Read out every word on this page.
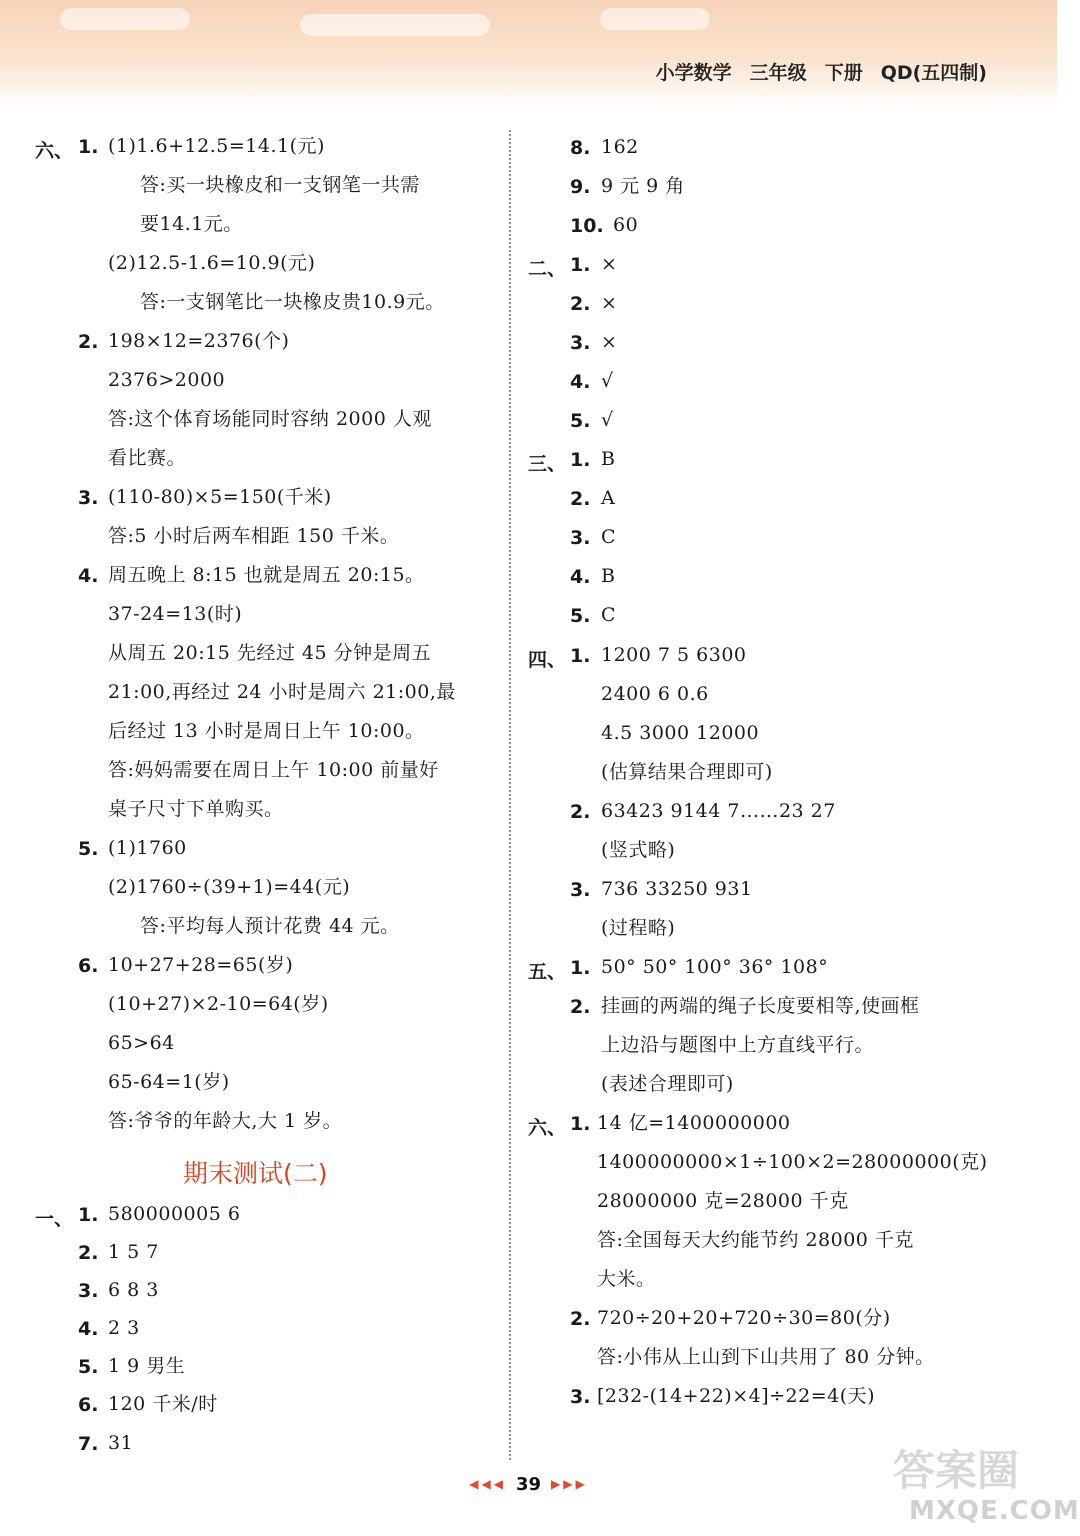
小学数学 三年级 下册 QD(五四制)
六、 1. (1)1.6+12.5=14.1(元)
答:买一块橡皮和一支钢笔一共需
要14.1元。
(2)12.5-1.6=10.9(元)
答:一支钢笔比一块橡皮贵10.9元。
2. 198×12=2376(个)
2376>2000
答:这个体育场能同时容纳 2000 人观
看比赛。
3. (110-80)×5=150(千米)
答:5 小时后两车相距 150 千米。
4. 周五晚上 8:15 也就是周五 20:15。
37-24=13(时)
从周五 20:15 先经过 45 分钟是周五
21:00,再经过 24 小时是周六 21:00,最
后经过 13 小时是周日上午 10:00。
答:妈妈需要在周日上午 10:00 前量好
桌子尺寸下单购买。
5. (1)1760
(2)1760÷(39+1)=44(元)
答:平均每人预计花费 44 元。
6. 10+27+28=65(岁)
(10+27)×2-10=64(岁)
65>64
65-64=1(岁)
答:爷爷的年龄大,大 1 岁。
期末测试(二)
一、 1. 580000005 6
2. 1 5 7
3. 6 8 3
4. 2 3
5. 1 9 男生
6. 120 千米/时
7. 31
8. 162
9. 9 元 9 角
10. 60
二、 1. ×
2. ×
3. ×
4. √
5. √
三、 1. B
2. A
3. C
4. B
5. C
四、 1. 1200 7 5 6300
2400 6 0.6
4.5 3000 12000
(估算结果合理即可)
2. 63423 9144 7……23 27
(竖式略)
3. 736 33250 931
(过程略)
五、 1. 50° 50° 100° 36° 108°
2. 挂画的两端的绳子长度要相等,使画框
上边沿与题图中上方直线平行。
(表述合理即可)
六、 1. 14 亿=1400000000
1400000000×1÷100×2=28000000(克)
28000000 克=28000 千克
答:全国每天大约能节约 28000 千克
大米。
2. 720÷20+20+720÷30=80(分)
答:小伟从上山到下山共用了 80 分钟。
3. [232-(14+22)×4]÷22=4(天)
◀◀◀ 39 ▶▶▶	答案圈
MXQE.COM
